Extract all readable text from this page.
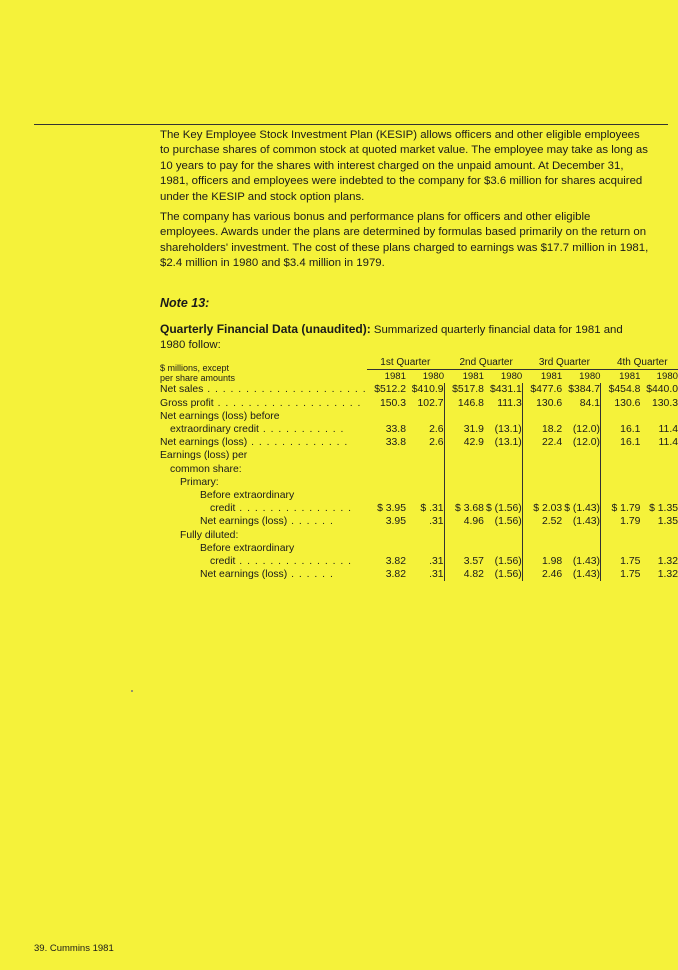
The Key Employee Stock Investment Plan (KESIP) allows officers and other eligible employees to purchase shares of common stock at quoted market value. The employee may take as long as 10 years to pay for the shares with interest charged on the unpaid amount. At December 31, 1981, officers and employees were indebted to the company for $3.6 million for shares acquired under the KESIP and stock option plans.

The company has various bonus and performance plans for officers and other eligible employees. Awards under the plans are determined by formulas based primarily on the return on shareholders' investment. The cost of these plans charged to earnings was $17.7 million in 1981, $2.4 million in 1980 and $3.4 million in 1979.

Note 13:
Quarterly Financial Data (unaudited): Summarized quarterly financial data for 1981 and 1980 follow:
$ millions, except
per share amounts	1st Quarter		2nd Quarter		3rd Quarter		4th Quarter	
	1981	1980	1981	1980	1981	1980	1981	1980
Net sales . . . . . . . . . . . . . . . . . . . . .	$512.2	$410.9	$517.8	$431.1	$477.6	$384.7	$454.8	$440.0
Gross profit . . . . . . . . . . . . . . . . . . .	150.3	102.7	146.8	111.3	130.6	84.1	130.6	130.3
Net earnings (loss) before								
extraordinary credit . . . . . . . . . . .	33.8	2.6	31.9	(13.1)	18.2	(12.0)	16.1	11.4
Net earnings (loss) . . . . . . . . . . . . .	33.8	2.6	42.9	(13.1)	22.4	(12.0)	16.1	11.4
Earnings (loss) per								
common share:								
Primary:								
Before extraordinary								
credit . . . . . . . . . . . . . . .	$ 3.95	$ .31	$ 3.68	$ (1.56)	$ 2.03	$ (1.43)	$ 1.79	$ 1.35
Net earnings (loss) . . . . . .	3.95	.31	4.96	(1.56)	2.52	(1.43)	1.79	1.35
Fully diluted:								
Before extraordinary								
credit . . . . . . . . . . . . . . .	3.82	.31	3.57	(1.56)	1.98	(1.43)	1.75	1.32
Net earnings (loss) . . . . . .	3.82	.31	4.82	(1.56)	2.46	(1.43)	1.75	1.32
39. Cummins 1981
